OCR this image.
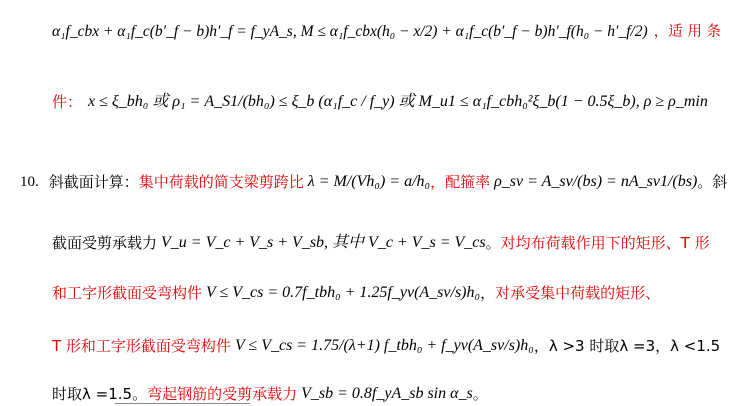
α₁f_cbx + α₁f_c(b′_f − b)h′_f = f_yA_s, M ≤ α₁f_cbx(h₀ − x/2) + α₁f_c(b′_f − b)h′_f(h₀ − h′_f/2) ，适 用 条
件： x ≤ ξ_bh₀ 或 ρ₁ = A_S1/(bh₀) ≤ ξ_b (α₁f_c / f_y) 或 M_u1 ≤ α₁f_cbh₀²ξ_b(1 − 0.5ξ_b), ρ ≥ ρ_min
10. 斜截面计算： 集中荷载的简支梁剪跨比 λ = M/(Vh₀) = a/h₀ ，配箍率 ρ_sv = A_sv/(bs) = nA_sv1/(bs) 。斜
截面受剪承载力 V_u = V_c + V_s + V_sb, 其中 V_c + V_s = V_cs 。 对均布荷载作用下的矩形、T 形
和工字形截面受弯构件 V ≤ V_cs = 0.7f_tbh₀ + 1.25f_yv(A_sv/s)h₀ ， 对承受集中荷载的矩形、
T 形和工字形截面受弯构件 V ≤ V_cs = 1.75/(λ+1) f_tbh₀ + f_yv(A_sv/s)h₀ ，λ >3 时取λ =3，λ <1.5
时取λ =1.5。 弯起钢筋的受剪承载力 V_sb = 0.8f_yA_sb sin α_s 。
